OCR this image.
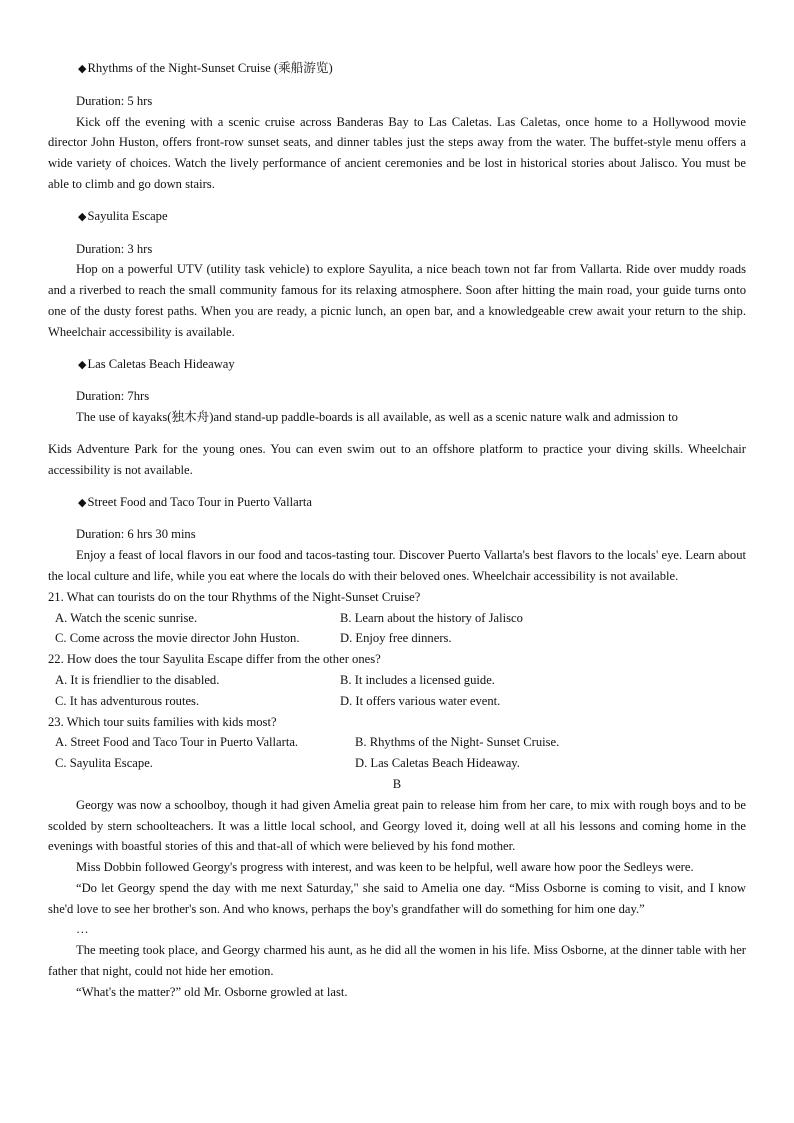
◆Rhythms of the Night-Sunset Cruise (乘船游览)

Duration: 5 hrs

Kick off the evening with a scenic cruise across Banderas Bay to Las Caletas. Las Caletas, once home to a Hollywood movie director John Huston, offers front-row sunset seats, and dinner tables just the steps away from the water. The buffet-style menu offers a wide variety of choices. Watch the lively performance of ancient ceremonies and be lost in historical stories about Jalisco. You must be able to climb and go down stairs.

◆Sayulita Escape

Duration: 3 hrs

Hop on a powerful UTV (utility task vehicle) to explore Sayulita, a nice beach town not far from Vallarta. Ride over muddy roads and a riverbed to reach the small community famous for its relaxing atmosphere. Soon after hitting the main road, your guide turns onto one of the dusty forest paths. When you are ready, a picnic lunch, an open bar, and a knowledgeable crew await your return to the ship. Wheelchair accessibility is available.

◆Las Caletas Beach Hideaway

Duration: 7hrs

The use of kayaks(独木舟)and stand-up paddle-boards is all available, as well as a scenic nature walk and admission to

Kids Adventure Park for the young ones. You can even swim out to an offshore platform to practice your diving skills. Wheelchair accessibility is not available.

◆Street Food and Taco Tour in Puerto Vallarta

Duration: 6 hrs 30 mins

Enjoy a feast of local flavors in our food and tacos-tasting tour. Discover Puerto Vallarta's best flavors to the locals' eye. Learn about the local culture and life, while you eat where the locals do with their beloved ones. Wheelchair accessibility is not available.

21. What can tourists do on the tour Rhythms of the Night-Sunset Cruise?

A. Watch the scenic sunrise.	B. Learn about the history of Jalisco
C. Come across the movie director John Huston.	D. Enjoy free dinners.

22. How does the tour Sayulita Escape differ from the other ones?

A. It is friendlier to the disabled.	B. It includes a licensed guide.
C. It has adventurous routes.	D. It offers various water event.

23. Which tour suits families with kids most?

A. Street Food and Taco Tour in Puerto Vallarta.	B. Rhythms of the Night- Sunset Cruise.
C. Sayulita Escape.	D. Las Caletas Beach Hideaway.

B

Georgy was now a schoolboy, though it had given Amelia great pain to release him from her care, to mix with rough boys and to be scolded by stern schoolteachers. It was a little local school, and Georgy loved it, doing well at all his lessons and coming home in the evenings with boastful stories of this and that-all of which were believed by his fond mother.

Miss Dobbin followed Georgy's progress with interest, and was keen to be helpful, well aware how poor the Sedleys were.

“Do let Georgy spend the day with me next Saturday," she said to Amelia one day. “Miss Osborne is coming to visit, and I know she'd love to see her brother's son. And who knows, perhaps the boy's grandfather will do something for him one day.”

…

The meeting took place, and Georgy charmed his aunt, as he did all the women in his life. Miss Osborne, at the dinner table with her father that night, could not hide her emotion.

“What's the matter?” old Mr. Osborne growled at last.
